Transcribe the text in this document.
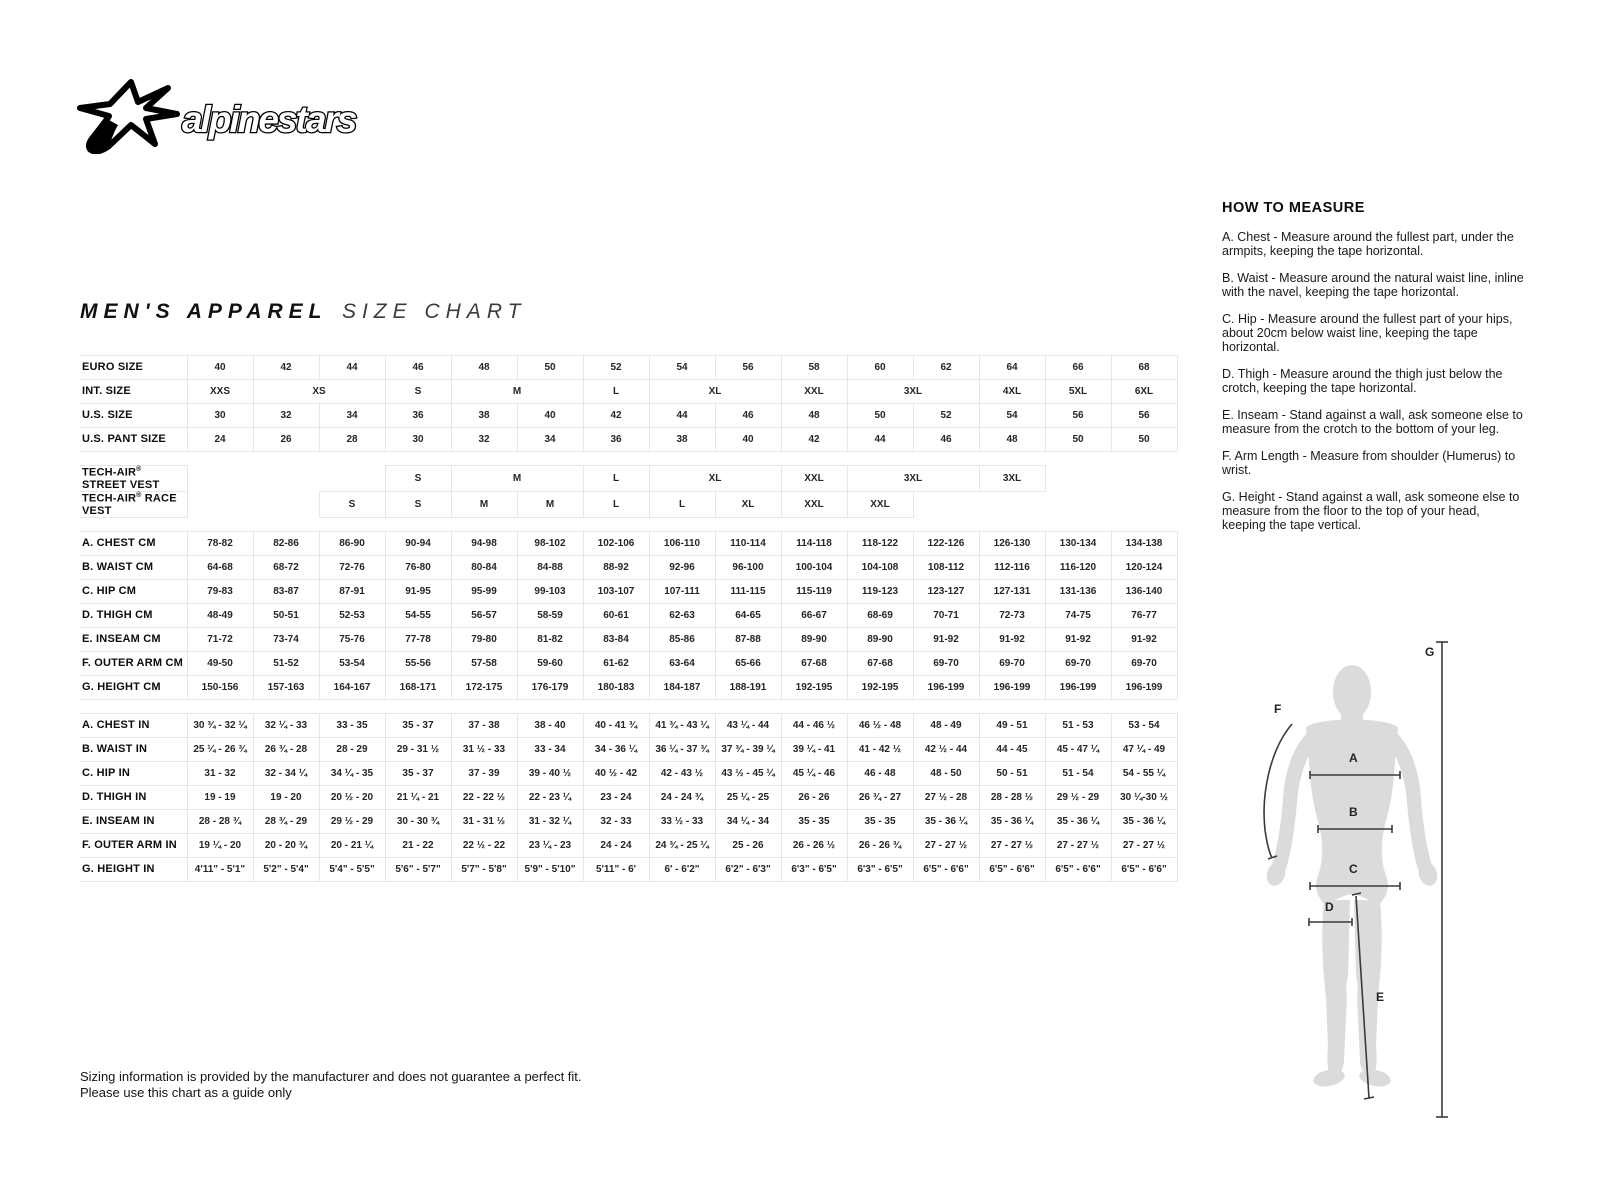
alpinestars
MEN'S APPAREL SIZE CHART
EURO SIZE	40	42	44	46	48	50	52	54	56	58	60	62	64	66	68
INT. SIZE	XXS	XS		S	M		L	XL		XXL	3XL		4XL	5XL	6XL
U.S. SIZE	30	32	34	36	38	40	42	44	46	48	50	52	54	56	56
U.S. PANT SIZE	24	26	28	30	32	34	36	38	40	42	44	46	48	50	50

TECH-AIR® STREET VEST				S	M		L	XL		XXL	3XL		3XL		
TECH-AIR® RACE VEST			S	S	M	M	L	L	XL	XXL	XXL				

A. CHEST CM	78-82	82-86	86-90	90-94	94-98	98-102	102-106	106-110	110-114	114-118	118-122	122-126	126-130	130-134	134-138
B. WAIST CM	64-68	68-72	72-76	76-80	80-84	84-88	88-92	92-96	96-100	100-104	104-108	108-112	112-116	116-120	120-124
C. HIP CM	79-83	83-87	87-91	91-95	95-99	99-103	103-107	107-111	111-115	115-119	119-123	123-127	127-131	131-136	136-140
D. THIGH CM	48-49	50-51	52-53	54-55	56-57	58-59	60-61	62-63	64-65	66-67	68-69	70-71	72-73	74-75	76-77
E. INSEAM CM	71-72	73-74	75-76	77-78	79-80	81-82	83-84	85-86	87-88	89-90	89-90	91-92	91-92	91-92	91-92
F. OUTER ARM CM	49-50	51-52	53-54	55-56	57-58	59-60	61-62	63-64	65-66	67-68	67-68	69-70	69-70	69-70	69-70
G. HEIGHT CM	150-156	157-163	164-167	168-171	172-175	176-179	180-183	184-187	188-191	192-195	192-195	196-199	196-199	196-199	196-199

A. CHEST IN	30 ¾ - 32 ¼	32 ¼ - 33	33 - 35	35 - 37	37 - 38	38 - 40	40 - 41 ¾	41 ¾ - 43 ¼	43 ¼ - 44	44 - 46 ½	46 ½ - 48	48 - 49	49 - 51	51 - 53	53 - 54
B. WAIST IN	25 ¼ - 26 ¾	26 ¾ - 28	28 - 29	29 - 31 ½	31 ½ - 33	33 - 34	34 - 36 ¼	36 ¼ - 37 ¾	37 ¾ - 39 ¼	39 ¼ - 41	41 - 42 ½	42 ½ - 44	44 - 45	45 - 47 ¼	47 ¼ - 49
C. HIP IN	31 - 32	32 - 34 ¼	34 ¼ - 35	35 - 37	37 - 39	39 - 40 ½	40 ½ - 42	42 - 43 ½	43 ½ - 45 ¼	45 ¼ - 46	46 - 48	48 - 50	50 - 51	51 - 54	54 - 55 ¼
D. THIGH IN	19 - 19	19 - 20	20 ½ - 20	21 ¼ - 21	22 - 22 ½	22 - 23 ¼	23 - 24	24 - 24 ¾	25 ¼ - 25	26 - 26	26 ¾ - 27	27 ½ - 28	28 - 28 ½	29 ½ - 29	30 ¼-30 ½
E. INSEAM IN	28 - 28 ¾	28 ¾ - 29	29 ½ - 29	30 - 30 ¾	31 - 31 ½	31 - 32 ¼	32 - 33	33 ½ - 33	34 ¼ - 34	35 - 35	35 - 35	35 - 36 ¼	35 - 36 ¼	35 - 36 ¼	35 - 36 ¼
F. OUTER ARM IN	19 ¼ - 20	20 - 20 ¾	20 - 21 ¼	21 - 22	22 ½ - 22	23 ¼ - 23	24 - 24	24 ¾ - 25 ¼	25 - 26	26 - 26 ½	26 - 26 ¾	27 - 27 ½	27 - 27 ½	27 - 27 ½	27 - 27 ½
G. HEIGHT IN	4'11" - 5'1"	5'2" - 5'4"	5'4" - 5'5"	5'6" - 5'7"	5'7" - 5'8"	5'9" - 5'10"	5'11" - 6'	6' - 6'2"	6'2" - 6'3"	6'3" - 6'5"	6'3" - 6'5"	6'5" - 6'6"	6'5" - 6'6"	6'5" - 6'6"	6'5" - 6'6"
HOW TO MEASURE

A. Chest - Measure around the fullest part, under the armpits, keeping the tape horizontal.

B. Waist - Measure around the natural waist line, inline with the navel, keeping the tape horizontal.

C. Hip - Measure around the fullest part of your hips, about 20cm below waist line, keeping the tape horizontal.

D. Thigh - Measure around the thigh just below the crotch, keeping the tape horizontal.

E. Inseam - Stand against a wall, ask someone else to measure from the crotch to the bottom of your leg.

F. Arm Length - Measure from shoulder (Humerus) to wrist.

G. Height - Stand against a wall, ask someone else to measure from the floor to the top of your head, keeping the tape vertical.

A
B
C
D
E
F
G
Sizing information is provided by the manufacturer and does not guarantee a perfect fit.
Please use this chart as a guide only
